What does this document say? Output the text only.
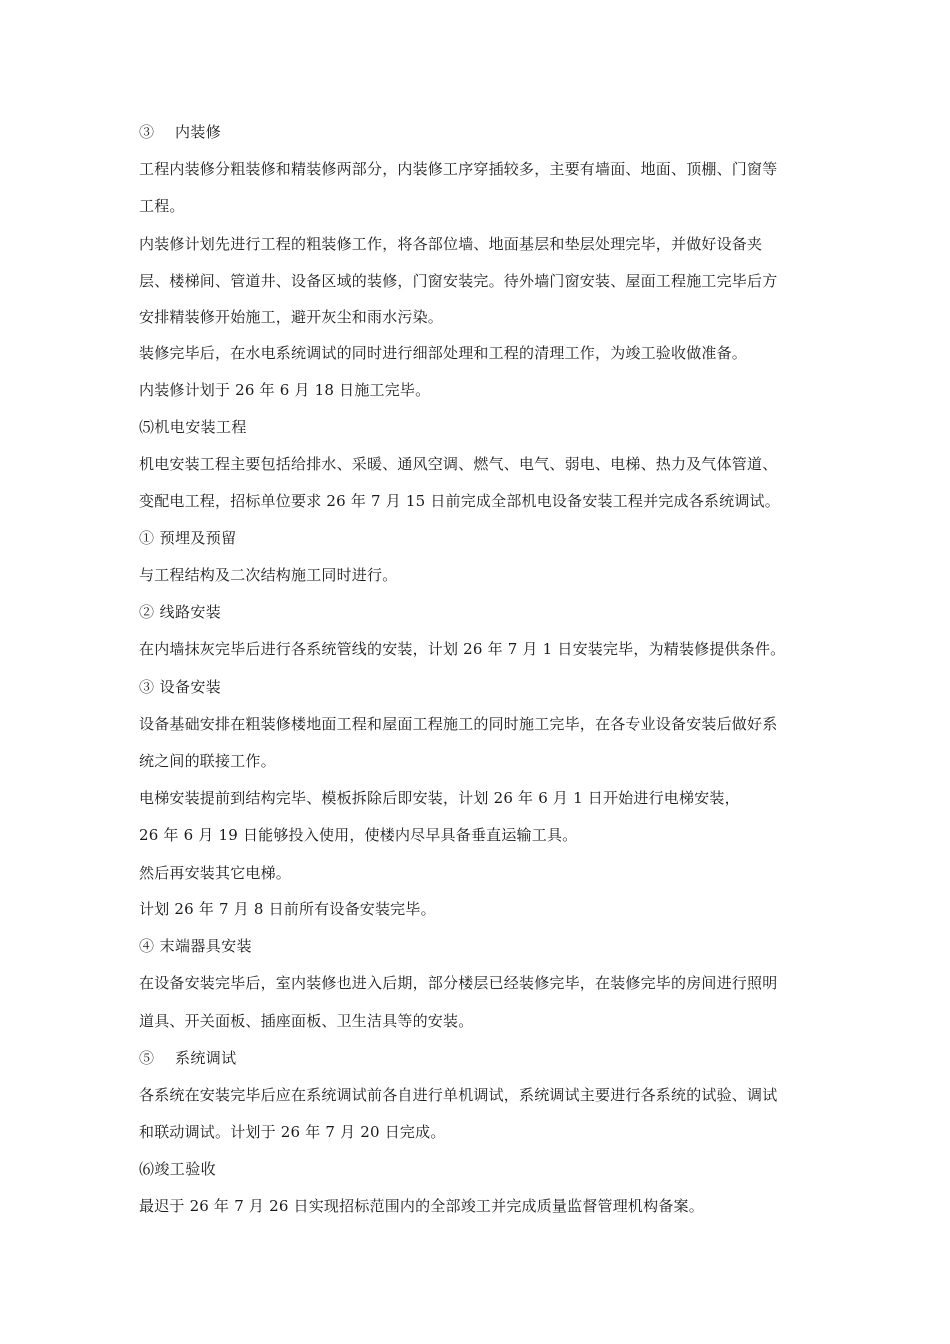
③　 内装修
工程内装修分粗装修和精装修两部分，内装修工序穿插较多，主要有墙面、地面、顶棚、门窗等
工程。
内装修计划先进行工程的粗装修工作，将各部位墙、地面基层和垫层处理完毕，并做好设备夹
层、楼梯间、管道井、设备区域的装修，门窗安装完。待外墙门窗安装、屋面工程施工完毕后方
安排精装修开始施工，避开灰尘和雨水污染。
装修完毕后，在水电系统调试的同时进行细部处理和工程的清理工作，为竣工验收做准备。
内装修计划于 26 年 6 月 18 日施工完毕。
⑸机电安装工程
机电安装工程主要包括给排水、采暖、通风空调、燃气、电气、弱电、电梯、热力及气体管道、
变配电工程，招标单位要求 26 年 7 月 15 日前完成全部机电设备安装工程并完成各系统调试。
① 预埋及预留
与工程结构及二次结构施工同时进行。
② 线路安装
在内墙抹灰完毕后进行各系统管线的安装，计划 26 年 7 月 1 日安装完毕，为精装修提供条件。
③ 设备安装
设备基础安排在粗装修楼地面工程和屋面工程施工的同时施工完毕，在各专业设备安装后做好系
统之间的联接工作。
电梯安装提前到结构完毕、模板拆除后即安装，计划 26 年 6 月 1 日开始进行电梯安装，
26 年 6 月 19 日能够投入使用，使楼内尽早具备垂直运输工具。
然后再安装其它电梯。
计划 26 年 7 月 8 日前所有设备安装完毕。
④ 末端器具安装
在设备安装完毕后，室内装修也进入后期，部分楼层已经装修完毕，在装修完毕的房间进行照明
道具、开关面板、插座面板、卫生洁具等的安装。
⑤　 系统调试
各系统在安装完毕后应在系统调试前各自进行单机调试，系统调试主要进行各系统的试验、调试
和联动调试。计划于 26 年 7 月 20 日完成。
⑹竣工验收
最迟于 26 年 7 月 26 日实现招标范围内的全部竣工并完成质量监督管理机构备案。
